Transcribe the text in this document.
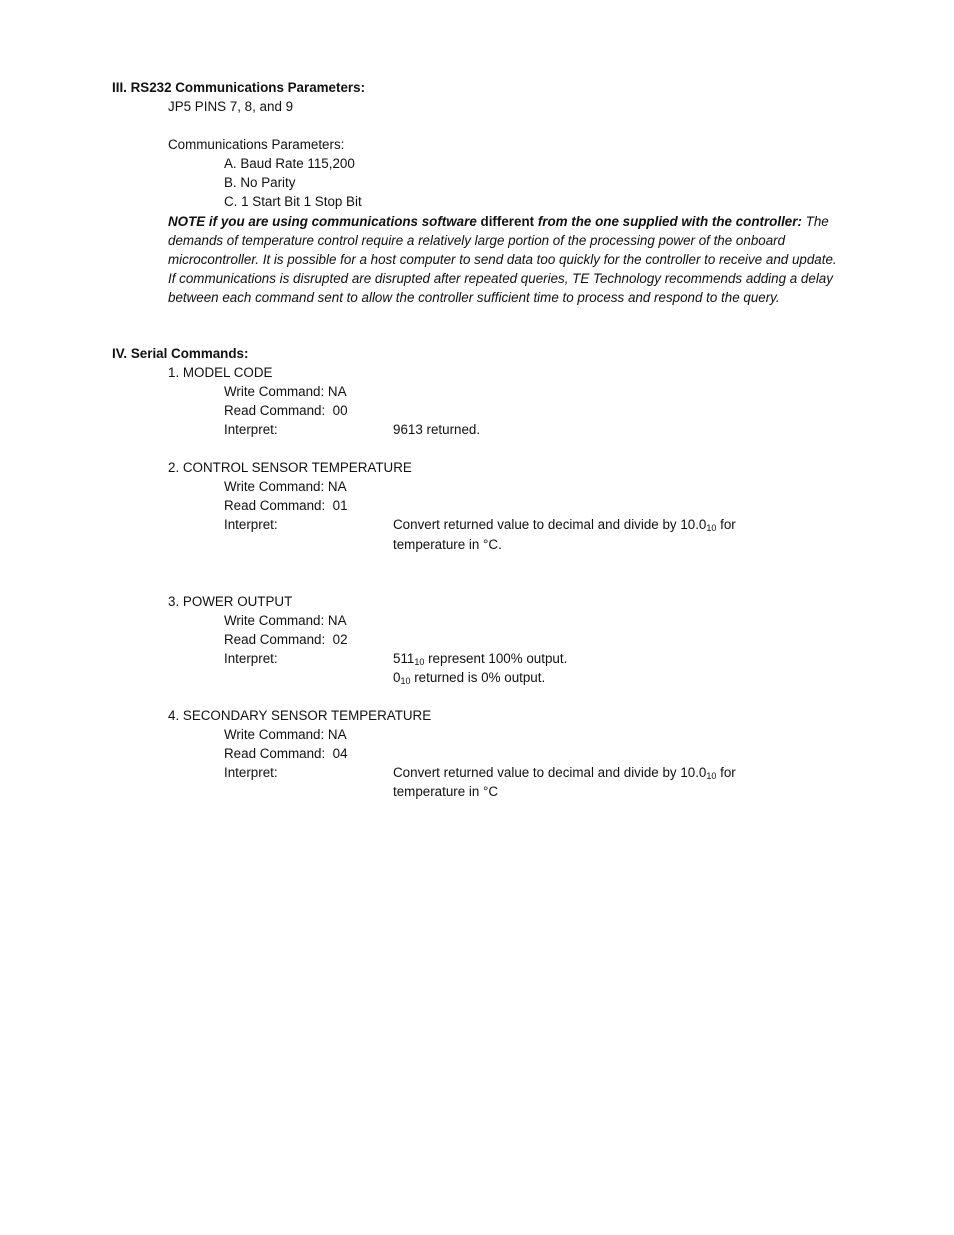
III. RS232 Communications Parameters:
JP5 PINS 7, 8, and 9
Communications Parameters:
A. Baud Rate 115,200
B. No Parity
C. 1 Start Bit 1 Stop Bit
NOTE if you are using communications software different from the one supplied with the controller: The demands of temperature control require a relatively large portion of the processing power of the onboard microcontroller. It is possible for a host computer to send data too quickly for the controller to receive and update. If communications is disrupted are disrupted after repeated queries, TE Technology recommends adding a delay between each command sent to allow the controller sufficient time to process and respond to the query.
IV. Serial Commands:
1. MODEL CODE
Write Command: NA
Read Command:  00
Interpret:	9613 returned.
2. CONTROL SENSOR TEMPERATURE
Write Command: NA
Read Command:  01
Interpret:	Convert returned value to decimal and divide by $10.0_{10}$ for
temperature in °C.
3. POWER OUTPUT
Write Command: NA
Read Command:  02
Interpret:	$511_{10}$ represent 100% output.
$0_{10}$ returned is 0% output.
4. SECONDARY SENSOR TEMPERATURE
Write Command: NA
Read Command:  04
Interpret:	Convert returned value to decimal and divide by $10.0_{10}$ for
temperature in °C
